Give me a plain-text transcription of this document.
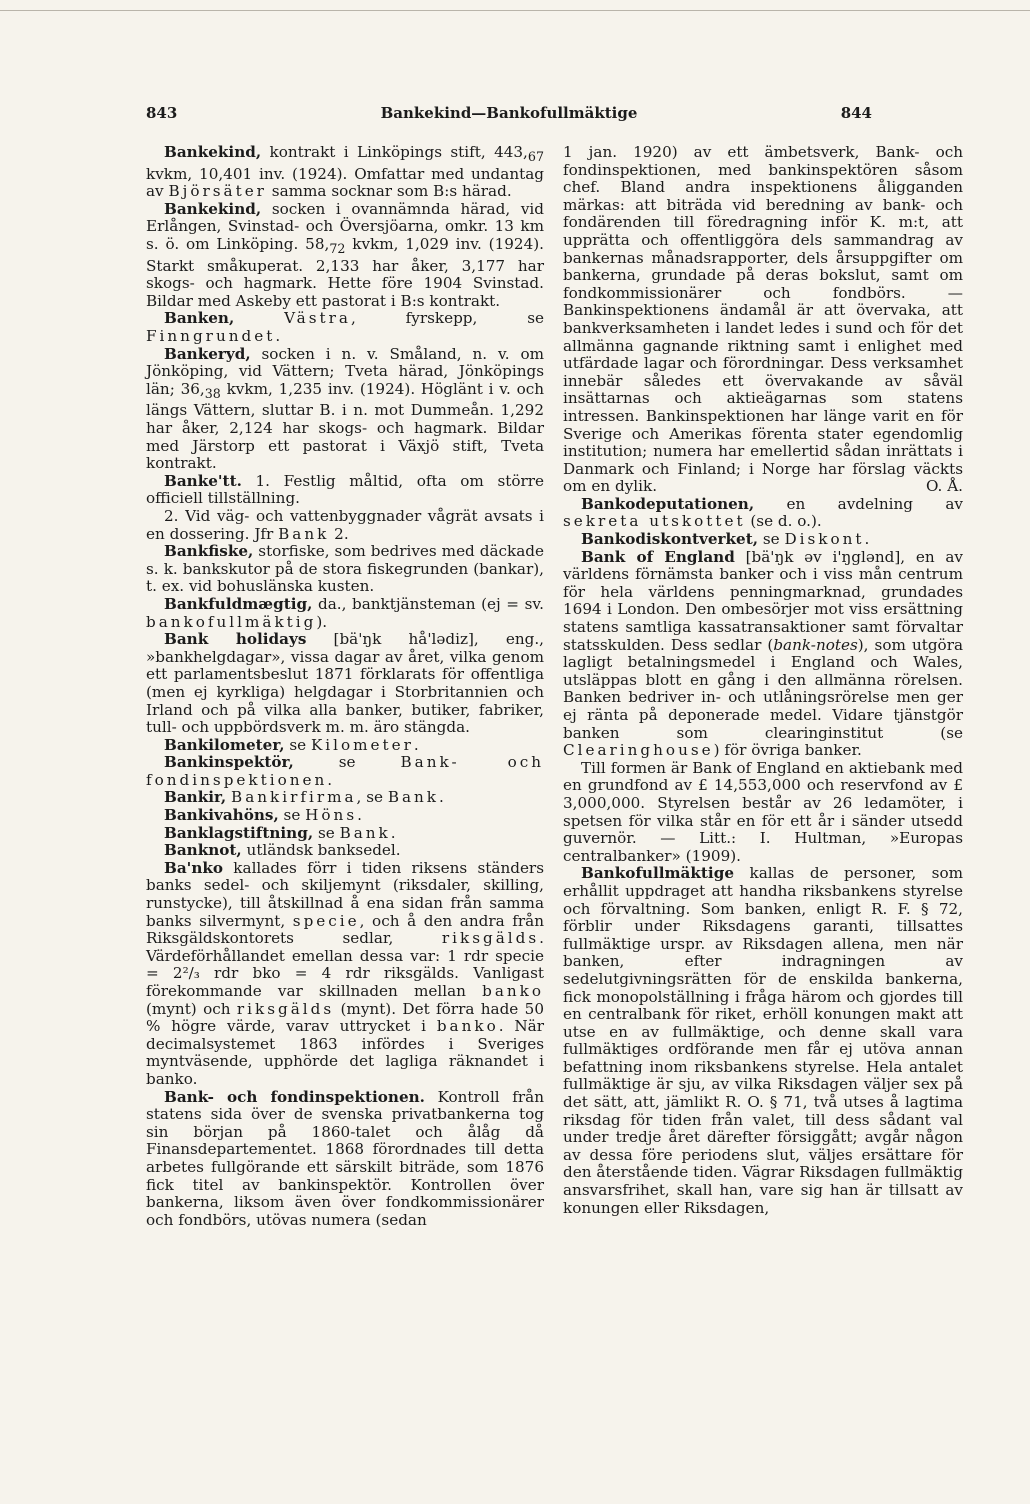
843	Bankekind—Bankofullmäktige	844

Bankekind, kontrakt i Linköpings stift, $443,_{67}$ kvkm, 10,401 inv. (1924). Omfattar med undantag av Björsäter samma socknar som B:s härad.

Bankekind, socken i ovannämnda härad, vid Erlången, Svinstad- och Översjöarna, omkr. 13 km s. ö. om Linköping. $58,_{72}$ kvkm, 1,029 inv. (1924). Starkt småkuperat. 2,133 har åker, 3,177 har skogs- och hagmark. Hette före 1904 Svinstad. Bildar med Askeby ett pastorat i B:s kontrakt.

Banken,	Västra, fyrskepp, se Finngrundet.

Bankeryd, socken i n. v. Småland, n. v. om Jönköping, vid Vättern; Tveta härad, Jönköpings län; $36,_{38}$ kvkm, 1,235 inv. (1924). Höglänt i v. och längs Vättern, sluttar B. i n. mot Dummeån. 1,292 har åker, 2,124 har skogs- och hagmark. Bildar med Järstorp ett pastorat i Växjö stift, Tveta kontrakt.

Banke'tt. 1. Festlig måltid, ofta om större officiell tillställning.

2. Vid väg- och vattenbyggnader vågrät avsats i en dossering. Jfr Bank 2.

Bankfiske, storfiske, som bedrives med däckade s. k. bankskutor på de stora fiskegrunden (bankar), t. ex. vid bohuslänska kusten.

Bankfuldmægtig, da., banktjänsteman (ej = sv. bankofullmäktig).

Bank holidays [bä'ŋk hå'lədiz], eng., »bankhelgdagar», vissa dagar av året, vilka genom ett parlamentsbeslut 1871 förklarats för offentliga (men ej kyrkliga) helgdagar i Storbritannien och Irland och på vilka alla banker, butiker, fabriker, tull- och uppbördsverk m. m. äro stängda.

Bankilometer, se Kilometer.

Bankinspektör, se Bank- och fondinspektionen.

Bankir, Bankirfirma, se Bank.

Bankivahöns, se Höns.

Banklagstiftning, se Bank.

Banknot, utländsk banksedel.

Ba'nko kallades förr i tiden riksens ständers banks sedel- och skiljemynt (riksdaler, skilling, runstycke), till åtskillnad å ena sidan från samma banks silvermynt, specie, och å den andra från Riksgäldskontorets sedlar, riksgälds. Värdeförhållandet emellan dessa var: 1 rdr specie = 2²/₃ rdr bko = 4 rdr riksgälds. Vanligast förekommande var skillnaden mellan banko (mynt) och riksgälds (mynt). Det förra hade 50 % högre värde, varav uttrycket i banko. När decimalsystemet 1863 infördes i Sveriges myntväsende, upphörde det lagliga räknandet i banko.

Bank- och fondinspektionen. Kontroll från statens sida över de svenska privatbankerna tog sin början på 1860-talet och ålåg då Finansdepartementet. 1868 förordnades till detta arbetes fullgörande ett särskilt biträde, som 1876 fick titel av bankinspektör. Kontrollen över bankerna, liksom även över fondkommissionärer och fondbörs, utövas numera (sedan

1 jan. 1920) av ett ämbetsverk, Bank- och fondinspektionen, med bankinspektören såsom chef. Bland andra inspektionens åligganden märkas: att biträda vid beredning av bank- och fondärenden till föredragning inför K. m:t, att upprätta och offentliggöra dels sammandrag av bankernas månadsrapporter, dels årsuppgifter om bankerna, grundade på deras bokslut, samt om fondkommissionärer och fondbörs. — Bankinspektionens ändamål är att övervaka, att bankverksamheten i landet ledes i sund och för det allmänna gagnande riktning samt i enlighet med utfärdade lagar och förordningar. Dess verksamhet innebär således ett övervakande av såväl insättarnas och aktieägarnas som statens intressen. Bankinspektionen har länge varit en för Sverige och Amerikas förenta stater egendomlig institution; numera har emellertid sådan inrättats i Danmark och Finland; i Norge har förslag väckts om en dylik.	O. Å.

Bankodeputationen, en avdelning av sekreta utskottet (se d. o.).

Bankodiskontverket, se Diskont.

Bank of England [bä'ŋk əv i'ŋglənd], en av världens förnämsta banker och i viss mån centrum för hela världens penningmarknad, grundades 1694 i London. Den ombesörjer mot viss ersättning statens samtliga kassatransaktioner samt förvaltar statsskulden. Dess sedlar (bank-notes), som utgöra lagligt betalningsmedel i England och Wales, utsläppas blott en gång i den allmänna rörelsen. Banken bedriver in- och utlåningsrörelse men ger ej ränta på deponerade medel. Vidare tjänstgör banken som clearinginstitut (se Clearinghouse) för övriga banker.

Till formen är Bank of England en aktiebank med en grundfond av £ 14,553,000 och reservfond av £ 3,000,000. Styrelsen består av 26 ledamöter, i spetsen för vilka står en för ett år i sänder utsedd guvernör. — Litt.: I. Hultman, »Europas centralbanker» (1909).

Bankofullmäktige kallas de personer, som erhållit uppdraget att handha riksbankens styrelse och förvaltning. Som banken, enligt R. F. § 72, förblir under Riksdagens garanti, tillsattes fullmäktige urspr. av Riksdagen allena, men när banken, efter indragningen av sedelutgivningsrätten för de enskilda bankerna, fick monopolställning i fråga härom och gjordes till en centralbank för riket, erhöll konungen makt att utse en av fullmäktige, och denne skall vara fullmäktiges ordförande men får ej utöva annan befattning inom riksbankens styrelse. Hela antalet fullmäktige är sju, av vilka Riksdagen väljer sex på det sätt, att, jämlikt R. O. § 71, två utses å lagtima riksdag för tiden från valet, till dess sådant val under tredje året därefter försiggått; avgår någon av dessa före periodens slut, väljes ersättare för den återstående tiden. Vägrar Riksdagen fullmäktig ansvarsfrihet, skall han, vare sig han är tillsatt av konungen eller Riksdagen,
